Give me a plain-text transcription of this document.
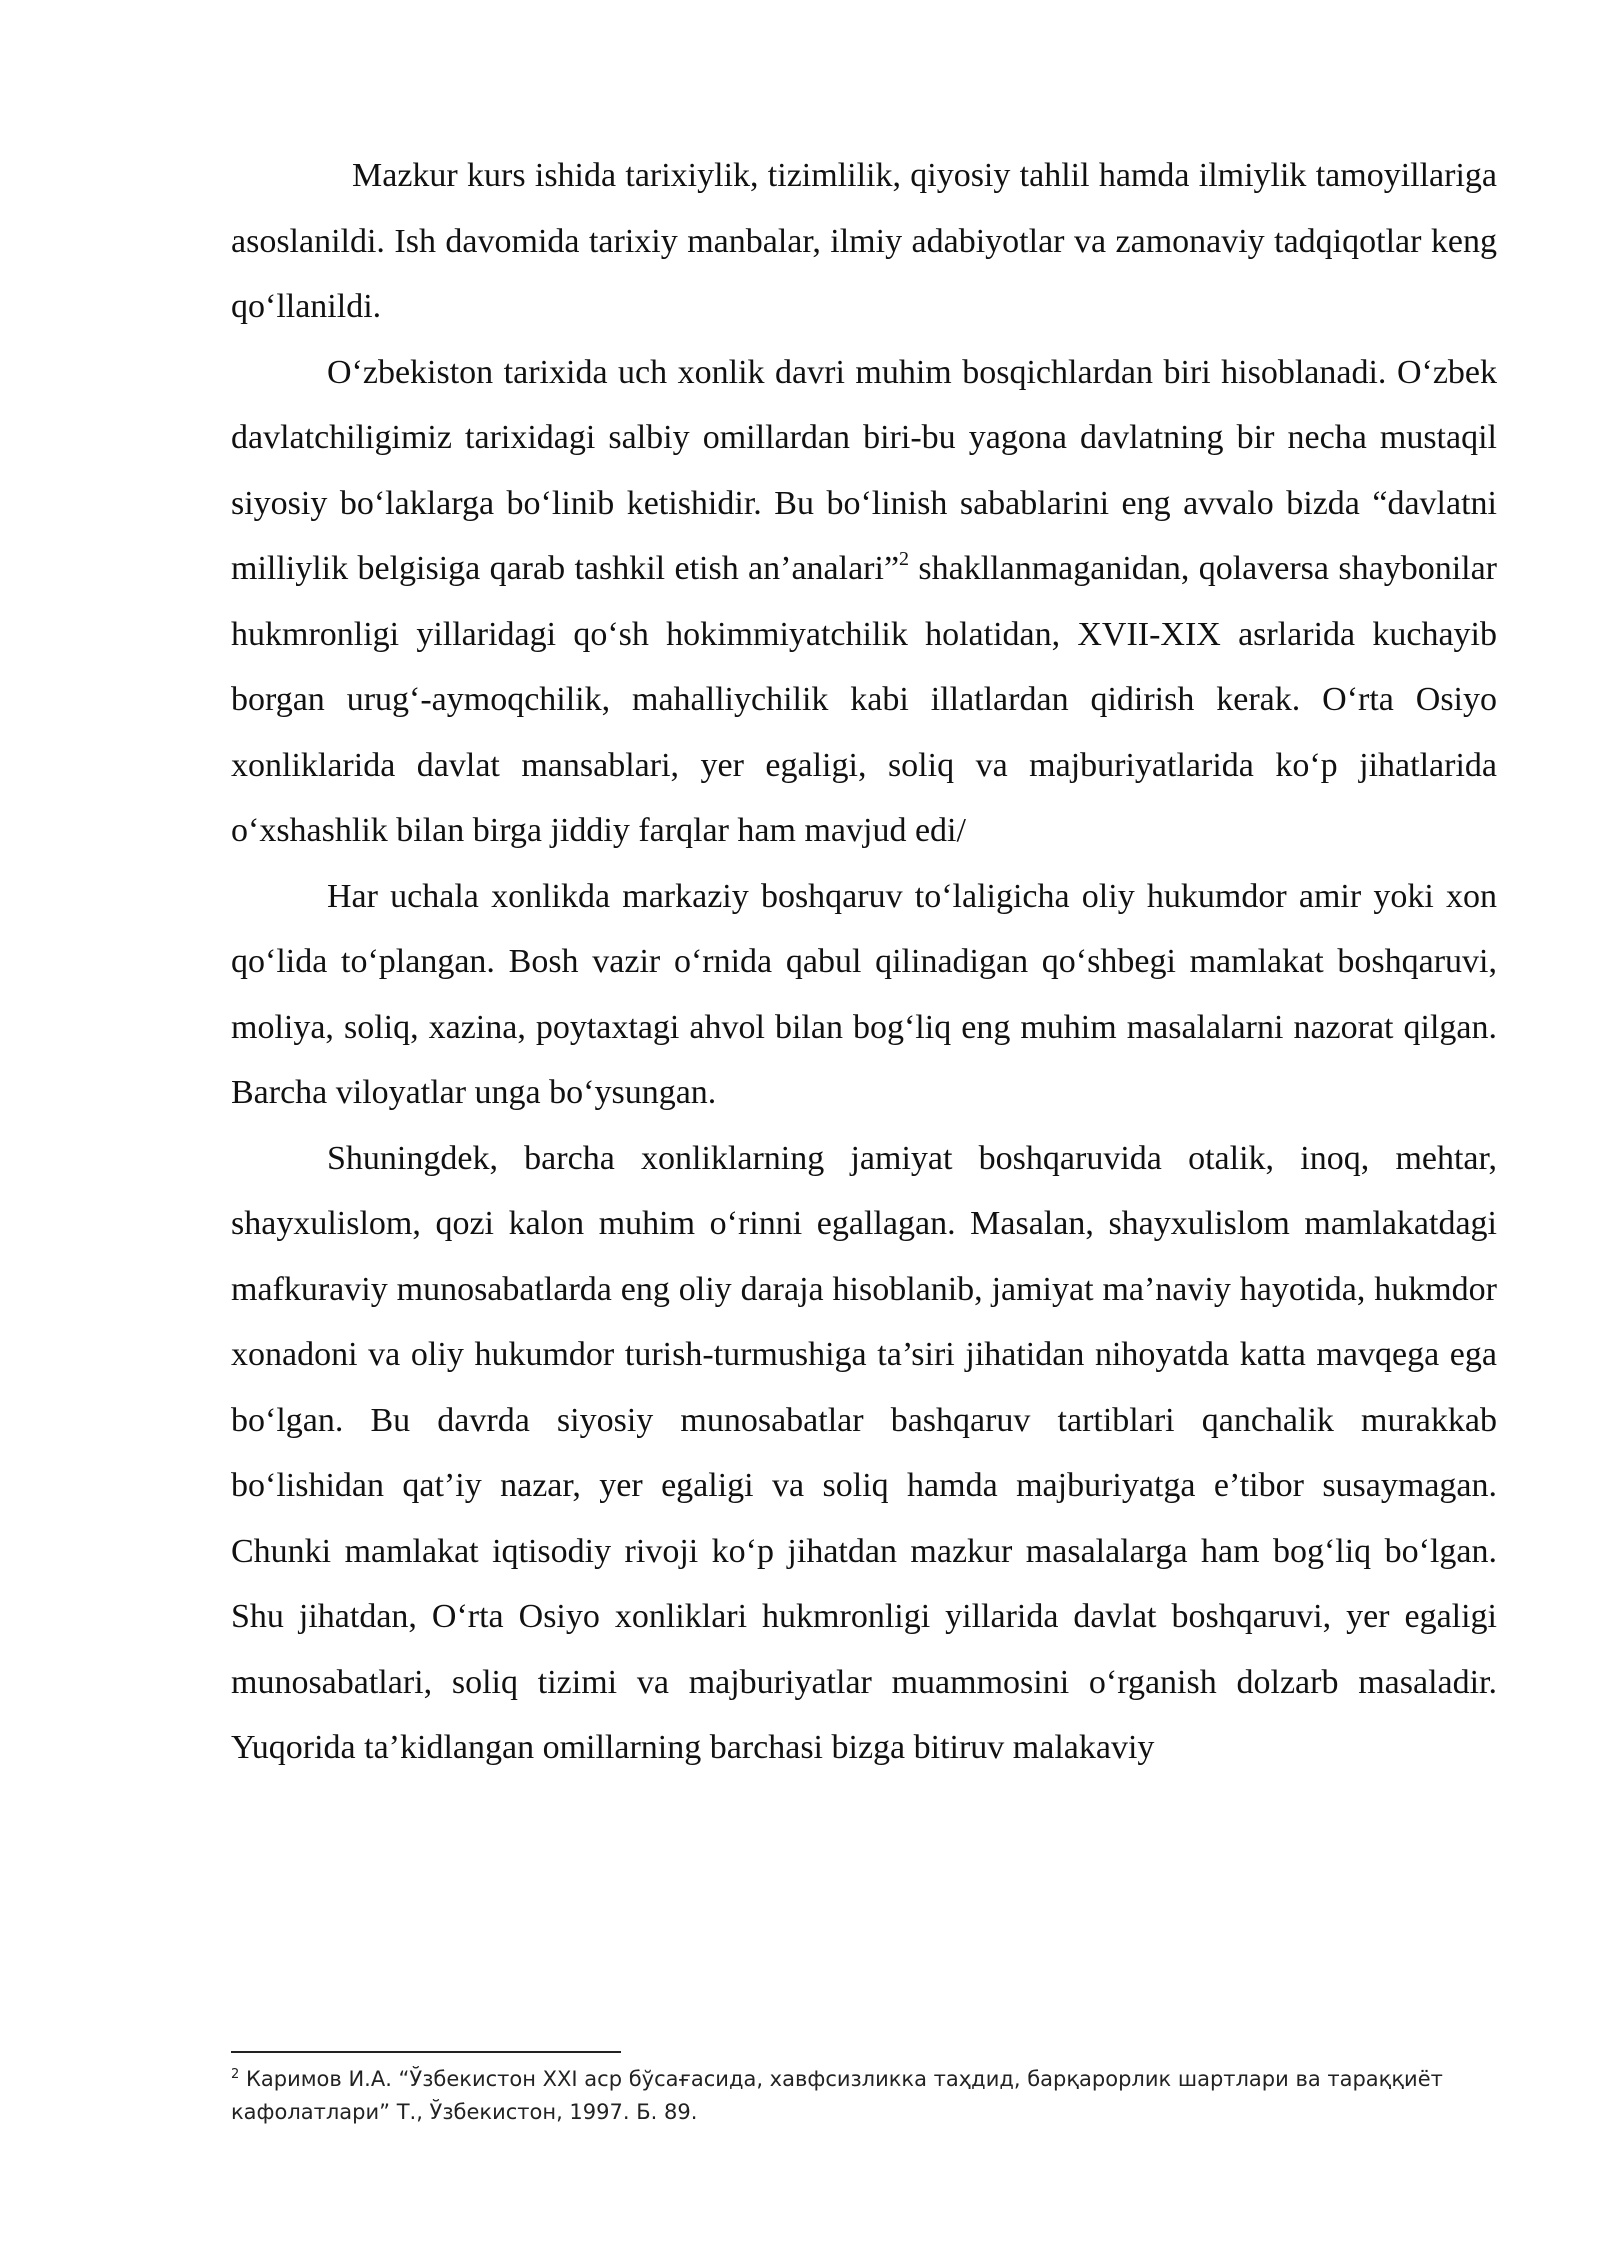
Mazkur kurs ishida tarixiylik, tizimlilik, qiyosiy tahlil hamda ilmiylik tamoyillariga asoslanildi. Ish davomida tarixiy manbalar, ilmiy adabiyotlar va zamonaviy tadqiqotlar keng qo‘llanildi.

O‘zbekiston tarixida uch xonlik davri muhim bosqichlardan biri hisoblanadi. O‘zbek davlatchiligimiz tarixidagi salbiy omillardan biri-bu yagona davlatning bir necha mustaqil siyosiy bo‘laklarga bo‘linib ketishidir. Bu bo‘linish sabablarini eng avvalo bizda “davlatni milliylik belgisiga qarab tashkil etish an’analari”$^2$ shakllanmaganidan, qolaversa shaybonilar hukmronligi yillaridagi qo‘sh hokimmiyatchilik holatidan, XVII-XIX asrlarida kuchayib borgan urug‘-aymoqchilik, mahalliychilik kabi illatlardan qidirish kerak. O‘rta Osiyo xonliklarida davlat mansablari, yer egaligi, soliq va majburiyatlarida ko‘p jihatlarida o‘xshashlik bilan birga jiddiy farqlar ham mavjud edi/

Har uchala xonlikda markaziy boshqaruv to‘laligicha oliy hukumdor amir yoki xon qo‘lida to‘plangan. Bosh vazir o‘rnida qabul qilinadigan qo‘shbegi mamlakat boshqaruvi, moliya, soliq, xazina, poytaxtagi ahvol bilan bog‘liq eng muhim masalalarni nazorat qilgan. Barcha viloyatlar unga bo‘ysungan.

Shuningdek, barcha xonliklarning jamiyat boshqaruvida otalik, inoq, mehtar, shayxulislom, qozi kalon muhim o‘rinni egallagan. Masalan, shayxulislom mamlakatdagi mafkuraviy munosabatlarda eng oliy daraja hisoblanib, jamiyat ma’naviy hayotida, hukmdor xonadoni va oliy hukumdor turish-turmushiga ta’siri jihatidan nihoyatda katta mavqega ega bo‘lgan. Bu davrda siyosiy munosabatlar bashqaruv tartiblari qanchalik murakkab bo‘lishidan qat’iy nazar, yer egaligi va soliq hamda majburiyatga e’tibor susaymagan. Chunki mamlakat iqtisodiy rivoji ko‘p jihatdan mazkur masalalarga ham bog‘liq bo‘lgan. Shu jihatdan, O‘rta Osiyo xonliklari hukmronligi yillarida davlat boshqaruvi, yer egaligi munosabatlari, soliq tizimi va majburiyatlar muammosini o‘rganish dolzarb masaladir. Yuqorida ta’kidlangan omillarning barchasi bizga bitiruv malakaviy

$^2$ Каримов И.А. “Ўзбекистон XXI аср бўсағасида, хавфсизликка таҳдид, барқарорлик шартлари ва тараққиёт кафолатлари” Т., Ўзбекистон, 1997. Б. 89.
